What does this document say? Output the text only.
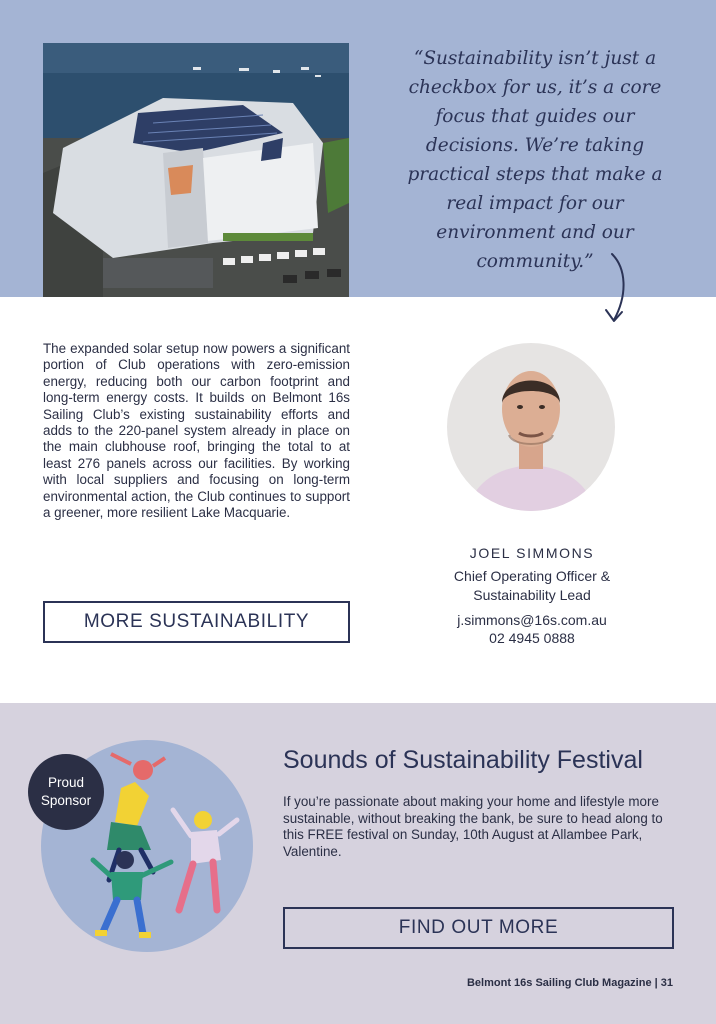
“Sustainability isn’t just a checkbox for us, it’s a core focus that guides our decisions. We’re taking practical steps that make a real impact for our environment and our community.”

The expanded solar setup now powers a significant portion of Club operations with zero-emission energy, reducing both our carbon footprint and long-term energy costs. It builds on Belmont 16s Sailing Club’s existing sustainability efforts and adds to the 220-panel system already in place on the main clubhouse roof, bringing the total to at least 276 panels across our facilities. By working with local suppliers and focusing on long-term environmental action, the Club continues to support a greener, more resilient Lake Macquarie.

MORE SUSTAINABILITY
JOEL SIMMONS
Chief Operating Officer &
Sustainability Lead
j.simmons@16s.com.au
02 4945 0888
Proud
Sponsor
Sounds of Sustainability Festival

If you’re passionate about making your home and lifestyle more sustainable, without breaking the bank, be sure to head along to this FREE festival on Sunday, 10th August at Allambee Park, Valentine.

FIND OUT MORE
Belmont 16s Sailing Club Magazine | 31
